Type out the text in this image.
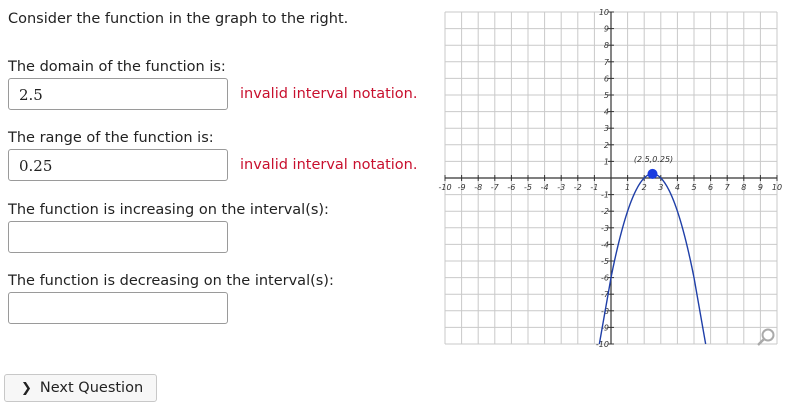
Consider the function in the graph to the right.
The domain of the function is:
2.5	invalid interval notation.
The range of the function is:
0.25	invalid interval notation.
The function is increasing on the interval(s):
The function is decreasing on the interval(s):
-10 -9 -8 -7 -6 -5 -4 -3 -2 -1	1 2 3 4 5 6 7 8 9 10
10
9
8
7
6
5
4
3
2
1
-1
-2
-3
-4
-5
-6
-7
-8
-9
-10
(2.5,0.25)
❯ Next Question
